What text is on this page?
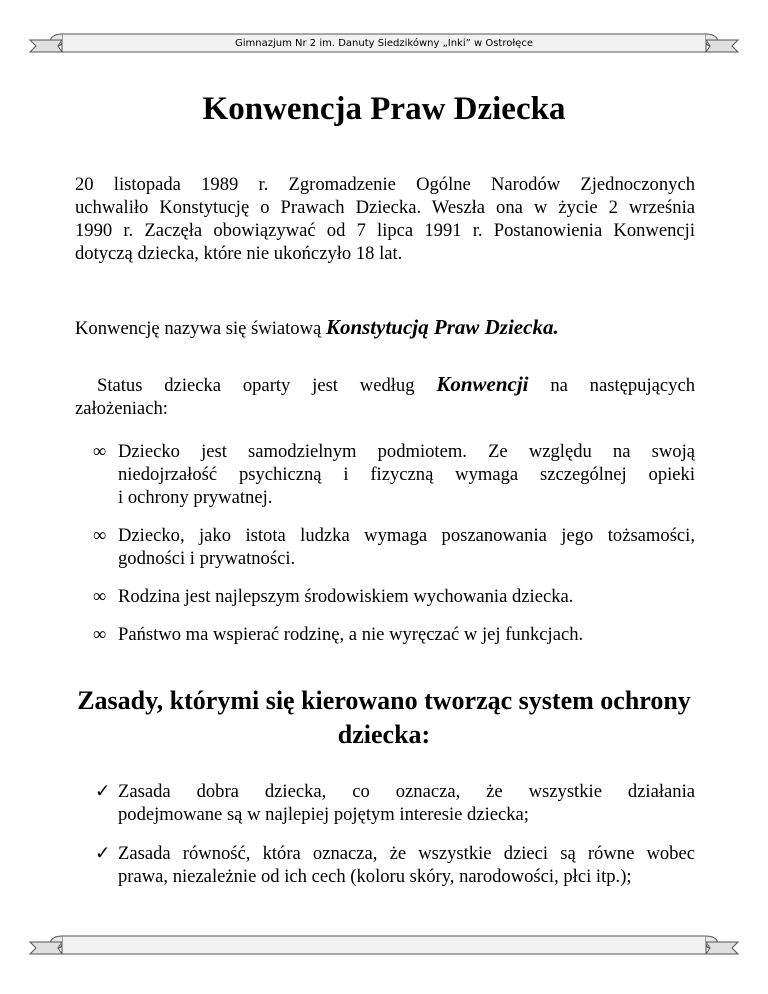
Gimnazjum Nr 2 im. Danuty Siedzikówny „Inki” w Ostrołęce
Konwencja Praw Dziecka
20 listopada 1989 r. Zgromadzenie Ogólne Narodów Zjednoczonych
uchwaliło Konstytucję o Prawach Dziecka. Weszła ona w życie 2 września
1990 r. Zaczęła obowiązywać od 7 lipca 1991 r. Postanowienia Konwencji
dotyczą dziecka, które nie ukończyło 18 lat.
Konwencję nazywa się światową Konstytucją Praw Dziecka.
Status dziecka oparty jest według Konwencji na następujących
założeniach:
∞ Dziecko jest samodzielnym podmiotem. Ze względu na swoją
niedojrzałość psychiczną i fizyczną wymaga szczególnej opieki
i ochrony prywatnej.
∞ Dziecko, jako istota ludzka wymaga poszanowania jego tożsamości,
godności i prywatności.
∞ Rodzina jest najlepszym środowiskiem wychowania dziecka.
∞ Państwo ma wspierać rodzinę, a nie wyręczać w jej funkcjach.
Zasady, którymi się kierowano tworząc system ochrony
dziecka:
✓ Zasada dobra dziecka, co oznacza, że wszystkie działania
podejmowane są w najlepiej pojętym interesie dziecka;
✓ Zasada równość, która oznacza, że wszystkie dzieci są równe wobec
prawa, niezależnie od ich cech (koloru skóry, narodowości, płci itp.);
